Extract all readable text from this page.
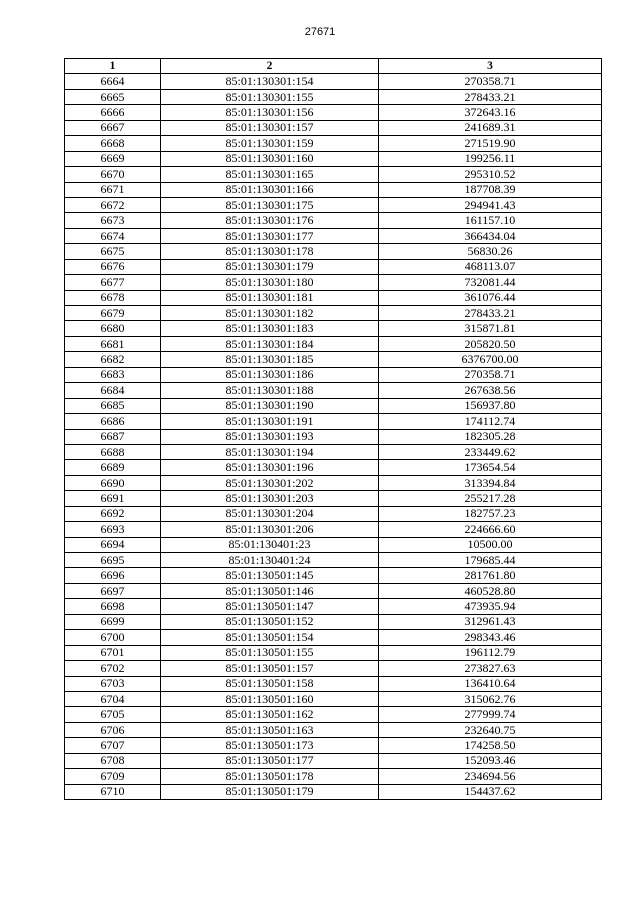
27671
1	2	3
6664	85:01:130301:154	270358.71
6665	85:01:130301:155	278433.21
6666	85:01:130301:156	372643.16
6667	85:01:130301:157	241689.31
6668	85:01:130301:159	271519.90
6669	85:01:130301:160	199256.11
6670	85:01:130301:165	295310.52
6671	85:01:130301:166	187708.39
6672	85:01:130301:175	294941.43
6673	85:01:130301:176	161157.10
6674	85:01:130301:177	366434.04
6675	85:01:130301:178	56830.26
6676	85:01:130301:179	468113.07
6677	85:01:130301:180	732081.44
6678	85:01:130301:181	361076.44
6679	85:01:130301:182	278433.21
6680	85:01:130301:183	315871.81
6681	85:01:130301:184	205820.50
6682	85:01:130301:185	6376700.00
6683	85:01:130301:186	270358.71
6684	85:01:130301:188	267638.56
6685	85:01:130301:190	156937.80
6686	85:01:130301:191	174112.74
6687	85:01:130301:193	182305.28
6688	85:01:130301:194	233449.62
6689	85:01:130301:196	173654.54
6690	85:01:130301:202	313394.84
6691	85:01:130301:203	255217.28
6692	85:01:130301:204	182757.23
6693	85:01:130301:206	224666.60
6694	85:01:130401:23	10500.00
6695	85:01:130401:24	179685.44
6696	85:01:130501:145	281761.80
6697	85:01:130501:146	460528.80
6698	85:01:130501:147	473935.94
6699	85:01:130501:152	312961.43
6700	85:01:130501:154	298343.46
6701	85:01:130501:155	196112.79
6702	85:01:130501:157	273827.63
6703	85:01:130501:158	136410.64
6704	85:01:130501:160	315062.76
6705	85:01:130501:162	277999.74
6706	85:01:130501:163	232640.75
6707	85:01:130501:173	174258.50
6708	85:01:130501:177	152093.46
6709	85:01:130501:178	234694.56
6710	85:01:130501:179	154437.62
